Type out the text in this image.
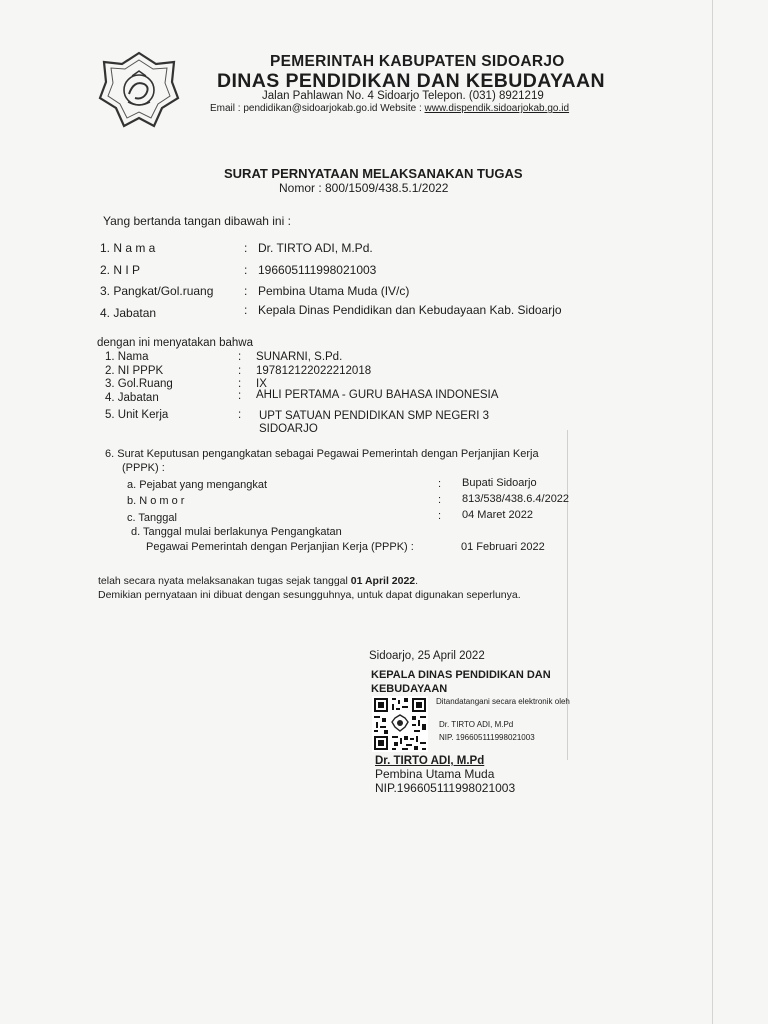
PEMERINTAH KABUPATEN SIDOARJO
DINAS PENDIDIKAN DAN KEBUDAYAAN
Jalan Pahlawan No. 4 Sidoarjo Telepon. (031) 8921219
Email : pendidikan@sidoarjokab.go.id Website : www.dispendik.sidoarjokab.go.id
SURAT PERNYATAAN MELAKSANAKAN TUGAS
Nomor : 800/1509/438.5.1/2022
Yang bertanda tangan dibawah ini :
1. N a m a	: Dr. TIRTO ADI, M.Pd.
2. N I P	: 196605111998021003
3. Pangkat/Gol.ruang	: Pembina Utama Muda (IV/c)
4. Jabatan	: Kepala Dinas Pendidikan dan Kebudayaan Kab. Sidoarjo
dengan ini menyatakan bahwa
1. Nama	: SUNARNI, S.Pd.
2. NI PPPK	: 197812122022212018
3. Gol.Ruang	: IX
4. Jabatan	: AHLI PERTAMA - GURU BAHASA INDONESIA
5. Unit Kerja	: UPT SATUAN PENDIDIKAN SMP NEGERI 3
SIDOARJO
6. Surat Keputusan pengangkatan sebagai Pegawai Pemerintah dengan Perjanjian Kerja
(PPPK) :
a. Pejabat yang mengangkat	: Bupati Sidoarjo
b. N o m o r	: 813/538/438.6.4/2022
c. Tanggal	: 04 Maret 2022
d. Tanggal mulai berlakunya Pengangkatan
Pegawai Pemerintah dengan Perjanjian Kerja (PPPK) :	01 Februari 2022
telah secara nyata melaksanakan tugas sejak tanggal 01 April 2022.
Demikian pernyataan ini dibuat dengan sesungguhnya, untuk dapat digunakan seperlunya.
Sidoarjo, 25 April 2022
KEPALA DINAS PENDIDIKAN DAN
KEBUDAYAAN
Ditandatangani secara elektronik oleh
Dr. TIRTO ADI, M.Pd
NIP. 196605111998021003
Dr. TIRTO ADI, M.Pd
Pembina Utama Muda
NIP.196605111998021003
